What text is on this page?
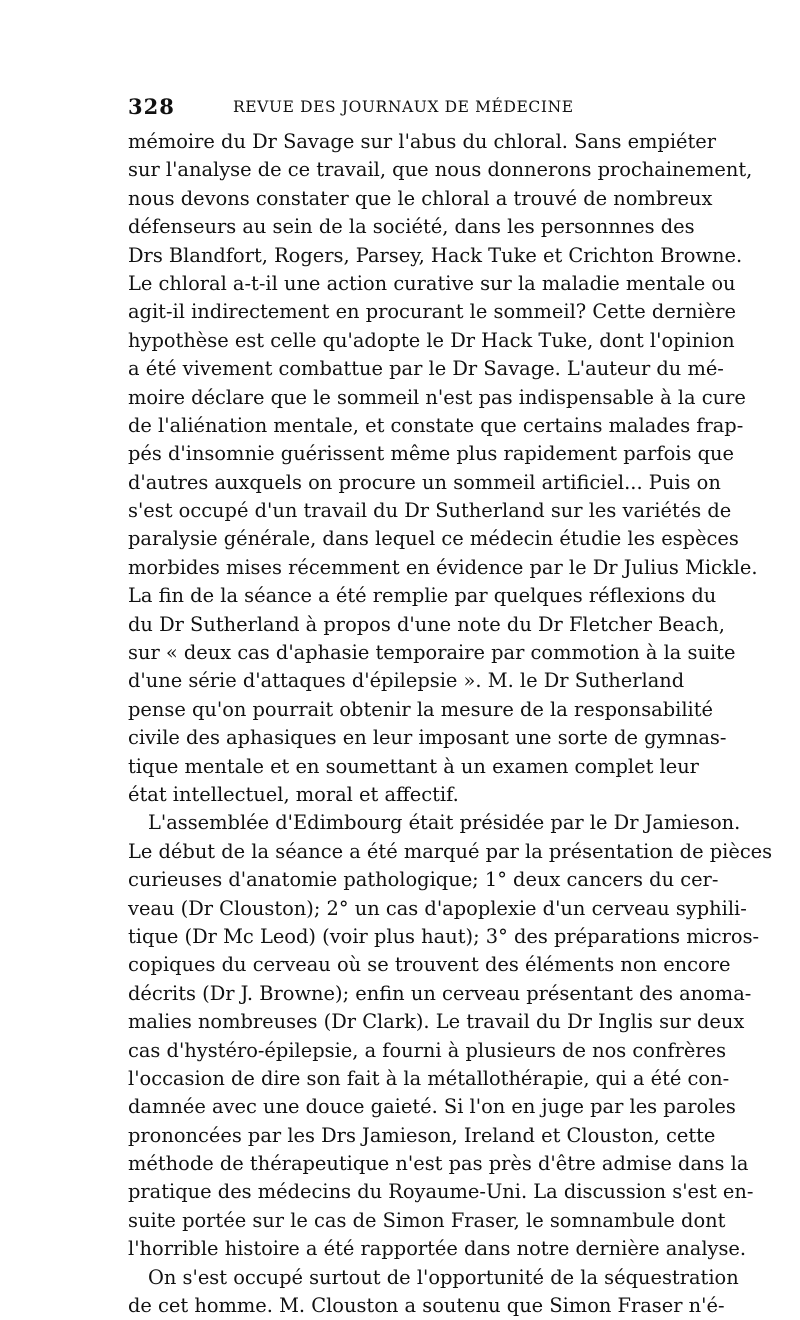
328	REVUE DES JOURNAUX DE MÉDECINE
mémoire du Dr Savage sur l'abus du chloral. Sans empiéter
sur l'analyse de ce travail, que nous donnerons prochainement,
nous devons constater que le chloral a trouvé de nombreux
défenseurs au sein de la société, dans les personnnes des
Drs Blandfort, Rogers, Parsey, Hack Tuke et Crichton Browne.
Le chloral a-t-il une action curative sur la maladie mentale ou
agit-il indirectement en procurant le sommeil? Cette dernière
hypothèse est celle qu'adopte le Dr Hack Tuke, dont l'opinion
a été vivement combattue par le Dr Savage. L'auteur du mé-
moire déclare que le sommeil n'est pas indispensable à la cure
de l'aliénation mentale, et constate que certains malades frap-
pés d'insomnie guérissent même plus rapidement parfois que
d'autres auxquels on procure un sommeil artificiel... Puis on
s'est occupé d'un travail du Dr Sutherland sur les variétés de
paralysie générale, dans lequel ce médecin étudie les espèces
morbides mises récemment en évidence par le Dr Julius Mickle.
La fin de la séance a été remplie par quelques réflexions du
du Dr Sutherland à propos d'une note du Dr Fletcher Beach,
sur « deux cas d'aphasie temporaire par commotion à la suite
d'une série d'attaques d'épilepsie ». M. le Dr Sutherland
pense qu'on pourrait obtenir la mesure de la responsabilité
civile des aphasiques en leur imposant une sorte de gymnas-
tique mentale et en soumettant à un examen complet leur
état intellectuel, moral et affectif.
L'assemblée d'Edimbourg était présidée par le Dr Jamieson.
Le début de la séance a été marqué par la présentation de pièces
curieuses d'anatomie pathologique; 1° deux cancers du cer-
veau (Dr Clouston); 2° un cas d'apoplexie d'un cerveau syphili-
tique (Dr Mc Leod) (voir plus haut); 3° des préparations micros-
copiques du cerveau où se trouvent des éléments non encore
décrits (Dr J. Browne); enfin un cerveau présentant des anoma-
malies nombreuses (Dr Clark). Le travail du Dr Inglis sur deux
cas d'hystéro-épilepsie, a fourni à plusieurs de nos confrères
l'occasion de dire son fait à la métallothérapie, qui a été con-
damnée avec une douce gaieté. Si l'on en juge par les paroles
prononcées par les Drs Jamieson, Ireland et Clouston, cette
méthode de thérapeutique n'est pas près d'être admise dans la
pratique des médecins du Royaume-Uni. La discussion s'est en-
suite portée sur le cas de Simon Fraser, le somnambule dont
l'horrible histoire a été rapportée dans notre dernière analyse.
On s'est occupé surtout de l'opportunité de la séquestration
de cet homme. M. Clouston a soutenu que Simon Fraser n'é-
